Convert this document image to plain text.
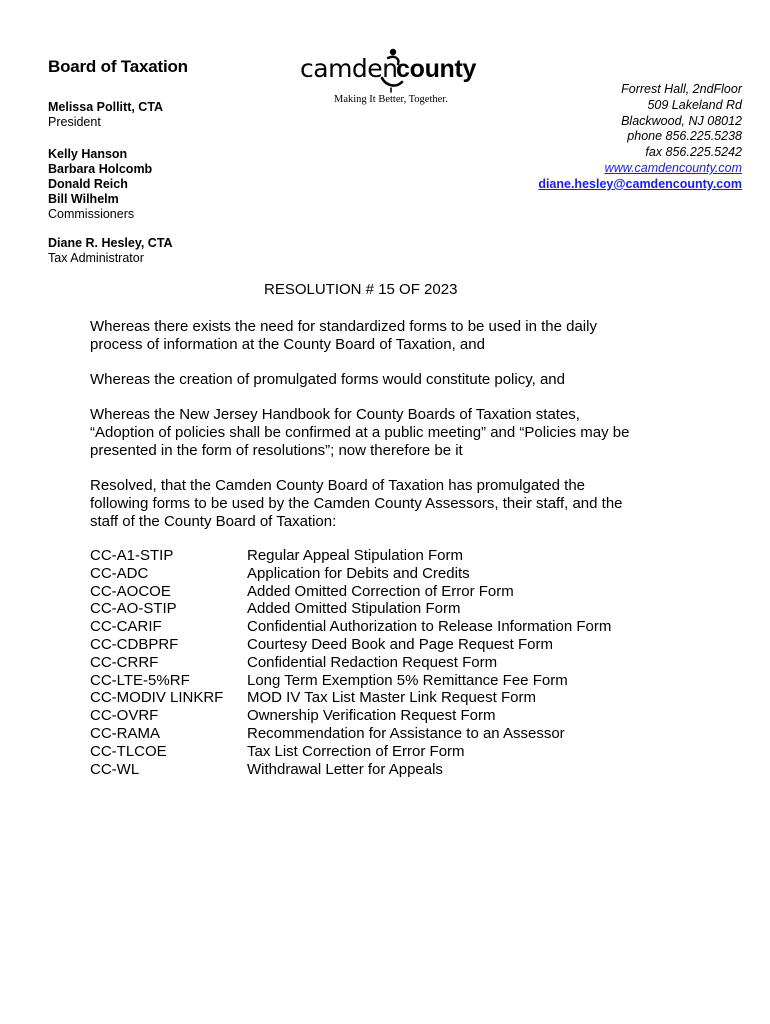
Board of Taxation
Melissa Pollitt, CTA
President
Kelly Hanson
Barbara Holcomb
Donald Reich
Bill Wilhelm
Commissioners
Diane R. Hesley, CTA
Tax Administrator
camden
county
Making It Better, Together.
Forrest Hall, 2ndFloor
509 Lakeland Rd
Blackwood, NJ 08012
phone 856.225.5238
fax 856.225.5242
www.camdencounty.com
diane.hesley@camdencounty.com
RESOLUTION # 15 OF 2023
Whereas there exists the need for standardized forms to be used in the daily
process of information at the County Board of Taxation, and
Whereas the creation of promulgated forms would constitute policy, and
Whereas the New Jersey Handbook for County Boards of Taxation states,
“Adoption of policies shall be confirmed at a public meeting” and “Policies may be
presented in the form of resolutions”; now therefore be it
Resolved, that the Camden County Board of Taxation has promulgated the
following forms to be used by the Camden County Assessors, their staff, and the
staff of the County Board of Taxation:
CC-A1-STIP	Regular Appeal Stipulation Form
CC-ADC	Application for Debits and Credits
CC-AOCOE	Added Omitted Correction of Error Form
CC-AO-STIP	Added Omitted Stipulation Form
CC-CARIF	Confidential Authorization to Release Information Form
CC-CDBPRF	Courtesy Deed Book and Page Request Form
CC-CRRF	Confidential Redaction Request Form
CC-LTE-5%RF	Long Term Exemption 5% Remittance Fee Form
CC-MODIV LINKRF	MOD IV Tax List Master Link Request Form
CC-OVRF	Ownership Verification Request Form
CC-RAMA	Recommendation for Assistance to an Assessor
CC-TLCOE	Tax List Correction of Error Form
CC-WL	Withdrawal Letter for Appeals
